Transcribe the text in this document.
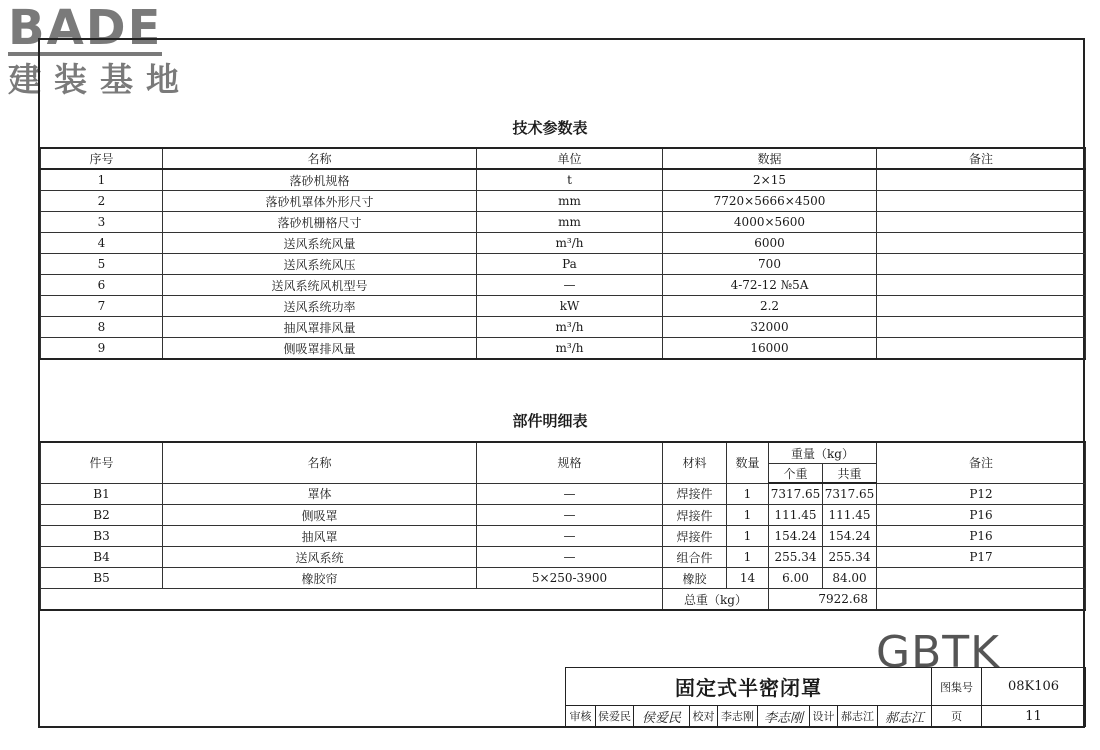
BADE
建装基地
技术参数表
序号	名称	单位	数据	备注
1	落砂机规格	t	2×15	
2	落砂机罩体外形尺寸	mm	7720×5666×4500	
3	落砂机栅格尺寸	mm	4000×5600	
4	送风系统风量	m³/h	6000	
5	送风系统风压	Pa	700	
6	送风系统风机型号	—	4-72-12 №5A	
7	送风系统功率	kW	2.2	
8	抽风罩排风量	m³/h	32000	
9	侧吸罩排风量	m³/h	16000	
部件明细表
件号	名称	规格	材料	数量	重量（kg）		备注
					个重	共重	
B1	罩体	—	焊接件	1	7317.65	7317.65	P12
B2	侧吸罩	—	焊接件	1	111.45	111.45	P16
B3	抽风罩	—	焊接件	1	154.24	154.24	P16
B4	送风系统	—	组合件	1	255.34	255.34	P17
B5	橡胶帘	5×250-3900	橡胶	14	6.00	84.00	
			总重（kg）		7922.68		
GBTK
固定式半密闭罩									图集号	08K106
审核	侯爱民	侯爱民	校对	李志刚	李志刚	设计	郝志江	郝志江	页	11
